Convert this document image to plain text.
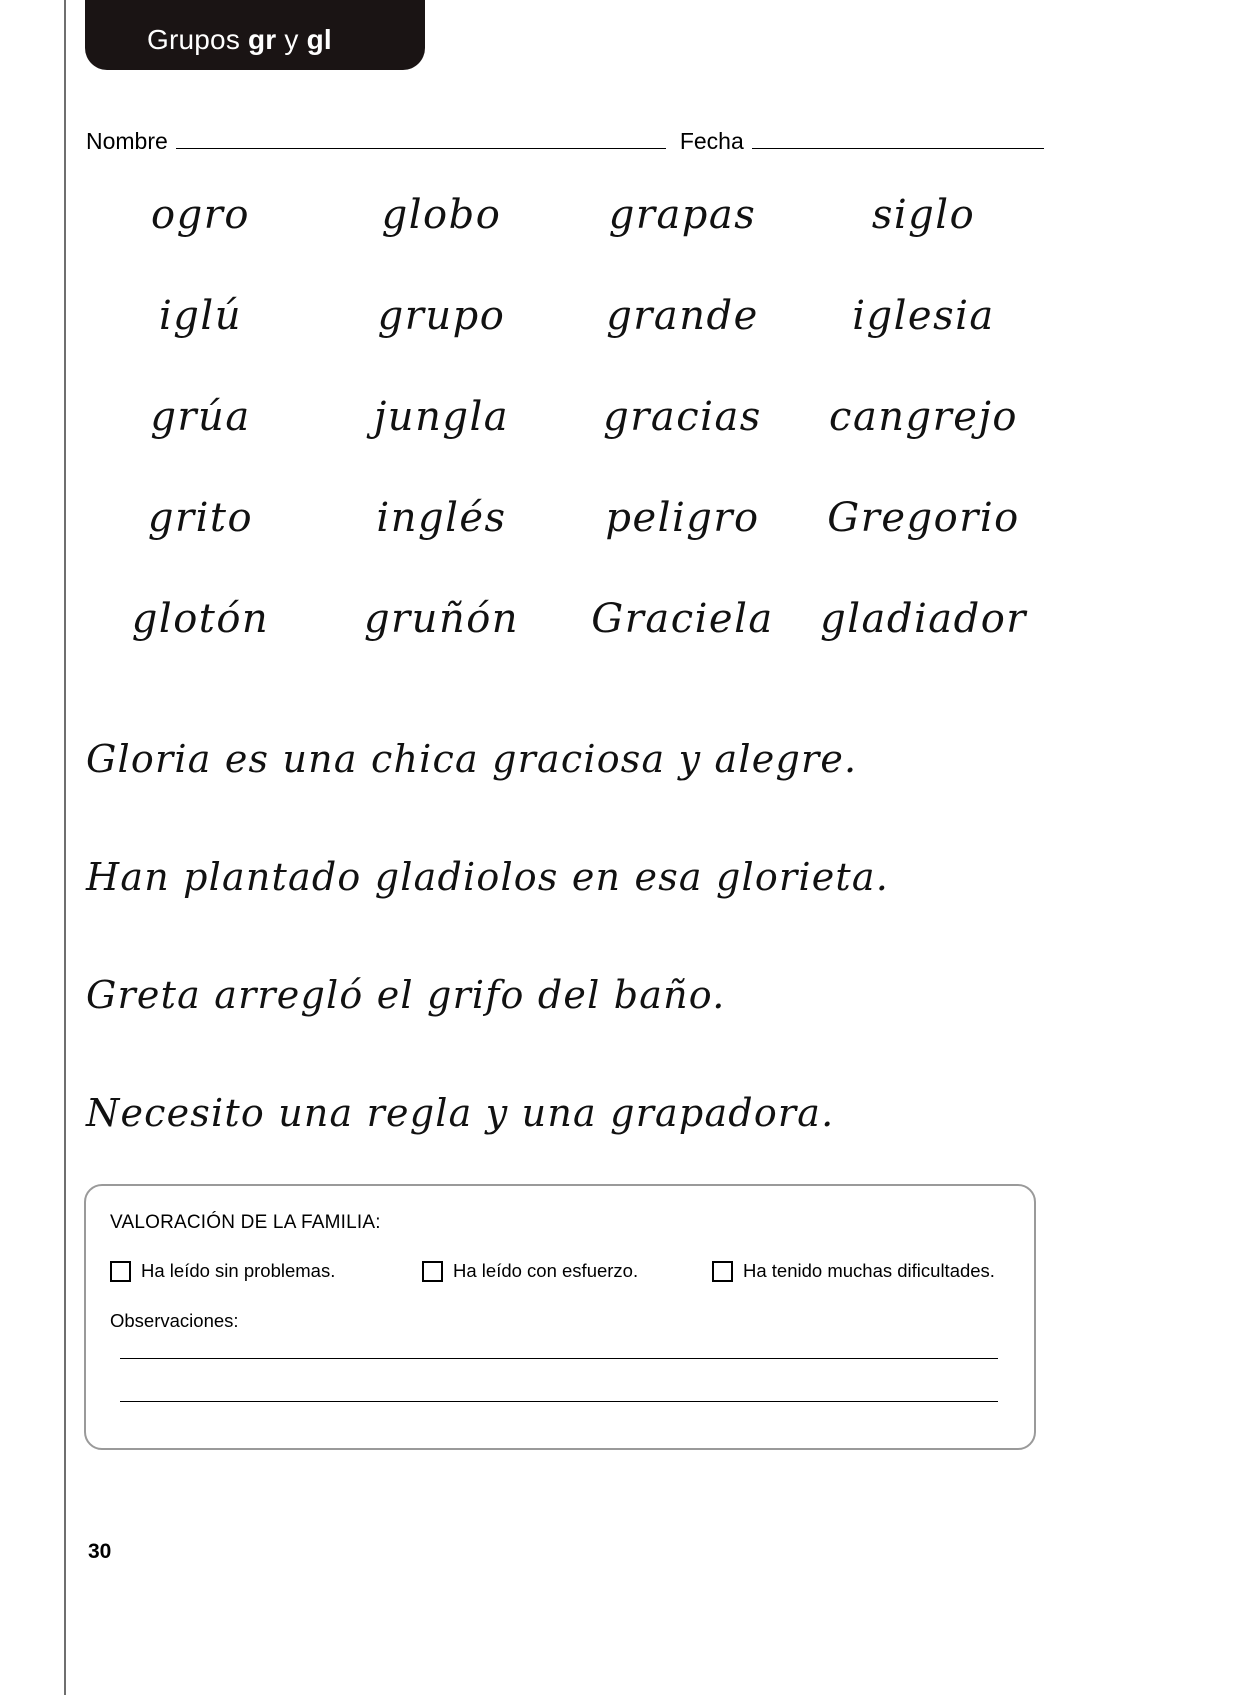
Grupos gr y gl
Nombre	Fecha
ogro	globo	grapas	siglo
iglú	grupo	grande	iglesia
grúa	jungla	gracias	cangrejo
grito	inglés	peligro	Gregorio
glotón	gruñón	Graciela	gladiador
Gloria es una chica graciosa y alegre.
Han plantado gladiolos en esa glorieta.
Greta arregló el grifo del baño.
Necesito una regla y una grapadora.
VALORACIÓN DE LA FAMILIA:
Ha leído sin problemas.	Ha leído con esfuerzo.	Ha tenido muchas dificultades.
Observaciones:
30
